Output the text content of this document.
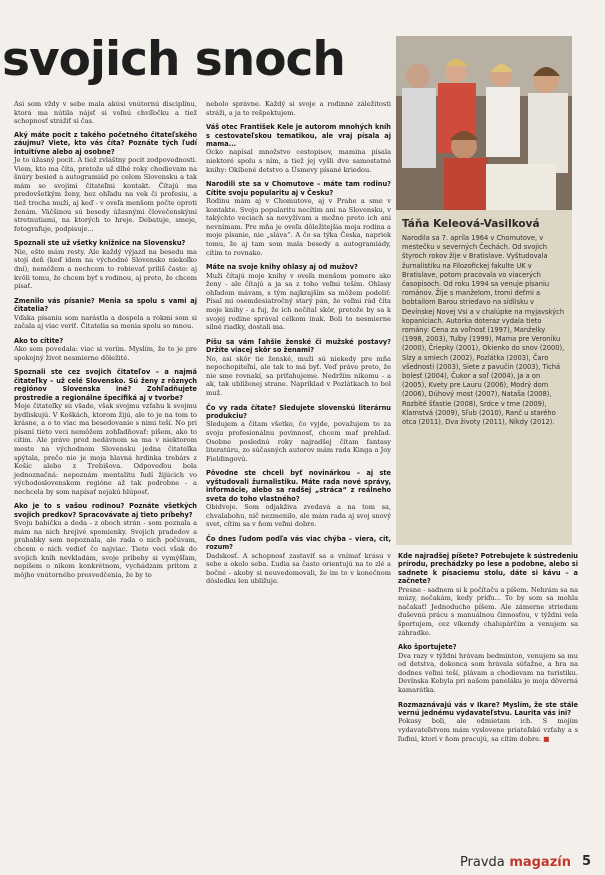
svojich snoch

Asi som vždy v sebe mala akúsi vnútornú disciplínu, ktorá ma nútila nájsť si voľnú chvíľočku a tiež schopnosť strážiť si čas.

Aký máte pocit z takého početného čitateľského záujmu? Viete, kto vás číta? Poznáte tých ľudí intuitívne alebo aj osobne?

Je to úžasný pocit. A tiež zvláštny pocit zodpovednosti. Viem, kto ma číta, pretože už dlhé roky chodievam na šnúry besied a autogramiád po celom Slovensku a tak mám so svojimi čitateľmi kontakt. Čítajú ma predovšetkým ženy, bez ohľadu na vek či profesiu, a tiež trocha muži, aj keď - v oveľa menšom počte oproti ženám. Väčšinou sú besedy úžasnými človečenskými stretnutiami, na ktorých to hreje. Debatuje, smeje, fotografuje, podpisuje...

Spoznali ste už všetky knižnice na Slovensku?

Nie, ešte mám resty. Ale každý výjazd na besedu ma stojí deň (keď idem na východné Slovensko niekoľko dní), nemôžem a nechcem to robievať príliš často: aj kvôli tomu, že chcem byť s rodinou, aj preto, že chcem písať.

Zmenilo vás písanie? Menia sa spolu s vami aj čitatelia?

Vďaka písaniu som narástla a dospela a rokmi som si začala aj viac veriť. Čitatelia sa menia spolu so mnou.

Ako to cítite?

Ako som povedala: viac si verím. Myslím, že to je pre spokojný život nesmierne dôležité.

Spoznali ste cez svojich čitateľov – a najmä čitateľky – už celé Slovensko. Sú ženy z rôznych regiónov Slovenska iné? Zohľadňujete prostredie a regionálne špecifiká aj v tvorbe?

Moje čitateľky sú všade, však svojmu vzťahu k svojmu bydliskujú. V Koškách, ktorom žijú, ale to je na tom to krásne, a o to viac ma besedovanie s nimi teší. No pri písaní tieto veci nemôžem zohľadňovať: píšem, ako to cítim. Ale práve pred nedávnom sa ma v niektorom meste na východnom Slovensku jedna čitateľka spýtala, prečo nie je moja hlavná hrdinka trebárs z Košíc alebo z Trebišova. Odpoveďou bola jednoznačná: nepoznám mentalitu ľudí žijúcich vo východoslovenskom regióne až tak podrobne - a nechcela by som napísať nejakú hlúposť.

Ako je to s vašou rodinou? Poznáte všetkých svojich predkov? Spracovávate aj tieto príbehy?

Svoju babičku a deda - z oboch strán - som poznala a mám na nich hrejivé spomienky. Svojich pradedov a prababky som nepoznala, ale rada o nich počúvam, chcem o nich vedieť čo najviac. Tieto veci však do svojich kníh nevkladám, svoje príbehy si vymýšľam, nepíšem o nikom konkrétnom, vychádzam pritom z môjho vnútorného presvedčenia, že by to

nebolo správne. Každý si svoje a rodinné záležitosti stráži, a ja to rešpektujem.

Váš otec František Kele je autorom mnohých kníh s cestovateľskou tematikou, ale vraj písala aj mama...

Ocko napísal množstvo cestopisov, mamina písala niektoré spolu s ním, a tiež jej vyšli dve samostatné knihy: Okíbené detstvo a Úsmevy písané kriedou.

Narodili ste sa v Chomutove – máte tam rodinu? Cítite svoju popularitu aj v Česku?

Rodinu mám aj v Chomutove, aj v Prahe a sme v kontakte. Svoju popularitu necítim ani na Slovensku, v takýchto veciach sa nevyžívam a možno preto ich ani nevnímam. Pre mňa je oveľa dôležitejšia moja rodina a moje písanie, nie „sláva“. A čo sa týka Česka, napriek tomu, že aj tam som mala besedy a autogramiády, cítim to rovnako.

Máte na svoje knihy ohlasy aj od mužov?

Muži čítajú moje knihy v oveľa menšom pomere ako ženy - ale čítajú a ja sa z toho veľmi teším. Ohlasy ohľadom mávam, s tým najkrajším sa môžem podeliť: Písal mi osemdesiatročný starý pán, že veľmi rád číta moje knihy - a fuj, že ich nečítal skôr, pretože by sa k svojej rodine správal celkom inak. Boli to nesmierne silné riadky, dostali ma.

Píšu sa vám ľahšie ženské či mužské postavy? Držíte viacej skôr so ženami?

No, asi skôr tie ženské, muži sú niekedy pre mňa nepochopiteľní, ale tak to má byť. Veď práve preto, že nie sme rovnakí, sa priťahujeme. Nedržím nikomu - a ak, tak ublíženej strane. Napríklad v Pozlátkach to bol muž.

Čo vy rada čítate? Sledujete slovenskú literárnu produkciu?

Sledujem a čítam všetko, čo vyjde, považujem to za svoju profesionálnu povinnosť, chcem mať prehľad. Osobne poslednú roky najradšej čítam fantasy literatúru, zo súčasných autorov mám rada Kinga a Joy Fieldingovú.

Pôvodne ste chceli byť novinárkou – aj ste vyštudovali žurnalistiku. Máte rada nové správy, informácie, alebo sa radšej „stráca“ z reálneho sveta do toho vlastného?

Obidvoje. Som odjakživa zvedavá a na tom sa, chvalabohu, nič nezmenilo, ale mám rada aj svoj snový svet, cítim sa v ňom veľmi dobre.

Čo dnes ľudom podľa vás viac chýba – viera, cit, rozum?

Dadskosť. A schopnosť zastaviť sa a vnímať krásu v sebe a okolo seba. Ľudia sa často orientujú na to zlé a bočné - akoby si neuvedomovali, že im to v konečnom dôsledku len ubližuje.

Táňa Keleová-Vasilková

Narodila sa 7. apríla 1964 v Chomutove, v mestečku v severných Čechách. Od svojich štyroch rokov žije v Bratislave. Vyštudovala žurnalistiku na Filozofickej fakulte UK v Bratislave, potom pracovala vo viacerých časopisoch. Od roku 1994 sa venuje písaniu románov. Žije s manželom, tromi deťmi a bobtailom Barou striedavo na sídlisku v Devínskej Novej Vsi a v chalúpke na myjavských kopaniciach. Autorka doteraz vydala tieto romány: Cena za voľnosť (1997), Manželky (1998, 2003), Tulby (1999), Mama pre Veroniku (2000), Čriepky (2001), Okienko do snov (2000), Slzy a smiech (2002), Pozlátka (2003), Čaro všednosti (2003), Siete z pavučín (2003), Tichá bolesť (2004), Čukor a soľ (2004), Ja a on (2005), Kvety pre Lauru (2006), Modrý dom (2006), Dúhový most (2007), Nataša (2008), Rozbité šťastie (2008), Srdce v tme (2009), Klamstvá (2009), Sľub (2010), Ranč u starého otca (2011), Dva životy (2011), Nikdy (2012).

Kde najradšej píšete? Potrebujete k sústredeniu prírodu, prechádzky po lese a podobne, alebo si sadnete k písaciemu stolu, dáte si kávu – a začnete?

Presne - sadnem si k počítaču a píšem. Nehrám sa na múzy, nečakám, kedy príďu... To by som sa mohla načakať! Jednoducho píšem. Ale zámerne striedam duševnú prácu s manuálnou činnosťou, v týždni vela športujem, cez víkendy chalupárčím a venujem sa záhradke.

Ako športujete?

Dva razy v týždni hrávam bedminton, venujem sa mu od detstva, dokonca som hrávala súťažne, a hra na dodnes veľmi teší, plávam a chodievam na turistiku. Devínska Kobyla pri našom paneláku je moja dôverná kamarátka.

Rozmaznávajú vás v Ikare? Myslím, že ste stále vernú jednému vydavateľstvu. Laurita vás ini?

Pokusy boli, ale odmietam ich. S mojím vydavateľstvom mám vyslovene priateľské vzťahy a s ľuďmi, ktorí v ňom pracujú, sa cítim dobre. ■

Pravda magazín 5
